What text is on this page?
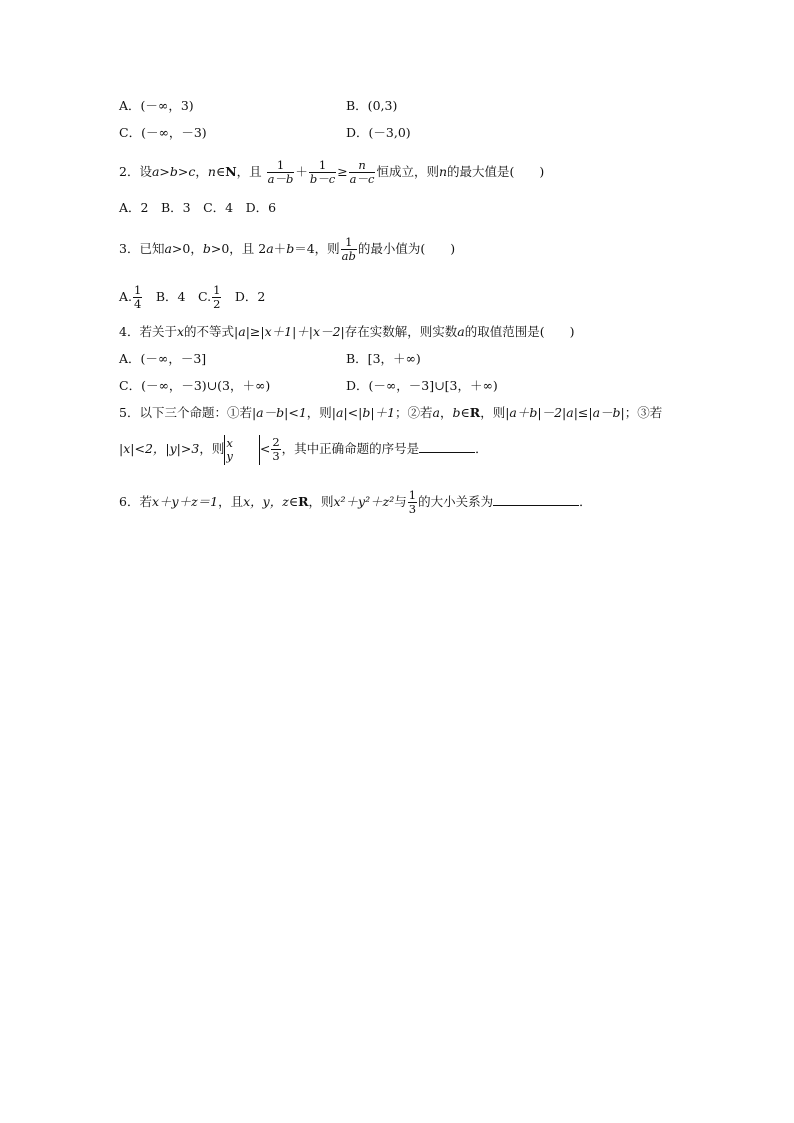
A．(－∞，3)	B．(0,3)
C．(－∞，－3)	D．(－3,0)
2．设a>b>c，n∈N，且 $\frac{1}{a-b} + \frac{1}{b-c} \ge \frac{n}{a-c}$ 恒成立，则n的最大值是(　　)
A．2　B．3　C．4　D．6
3．已知a>0，b>0，且 2a＋b＝4，则 $\frac{1}{ab}$ 的最小值为(　　)
A. $\frac{1}{4}$ 　B．4　C. $\frac{1}{2}$ 　D．2
4．若关于x的不等式|a|≥|x＋1|＋|x－2|存在实数解，则实数a的取值范围是(　　)
A．(－∞，－3]	B．[3，＋∞)
C．(－∞，－3)∪(3，＋∞)	D．(－∞，－3]∪[3，＋∞)
5．以下三个命题：①若|a－b|<1，则|a|<|b|＋1；②若a，b∈R，则|a＋b|－2|a|≤|a－b|；③若
|x|<2，|y|>3，则 x
$y < \frac{2}{3}$ ，其中正确命题的序号是	．
6．若x＋y＋z＝1，且x，y，z∈R，则x²＋y²＋z²与 $\frac{1}{3}$ 的大小关系为	．
